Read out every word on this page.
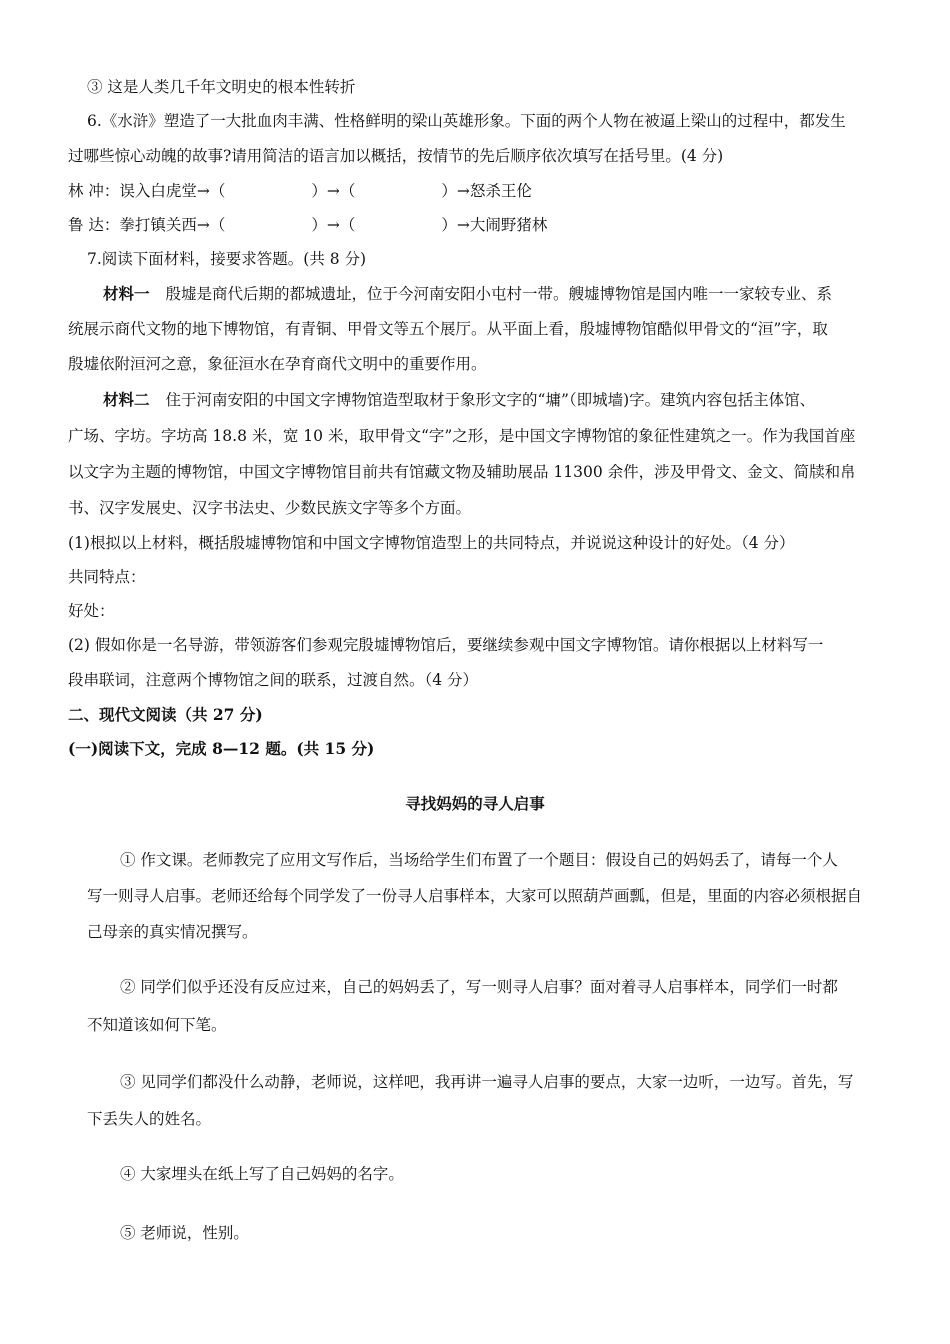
③ 这是人类几千年文明史的根本性转折
6.《水浒》塑造了一大批血肉丰满、性格鲜明的梁山英雄形象。下面的两个人物在被逼上梁山的过程中，都发生
过哪些惊心动魄的故事?请用简洁的语言加以概括，按情节的先后顺序依次填写在括号里。(4 分)
林 冲：误入白虎堂→（	）→（	）→怒杀王伦
鲁 达：拳打镇关西→（	）→（	）→大闹野猪林
7.阅读下面材料，接要求答题。(共 8 分)
材料一 殷墟是商代后期的都城遗址，位于今河南安阳小屯村一带。艘墟博物馆是国内唯一一家较专业、系
统展示商代文物的地下博物馆，有青铜、甲骨文等五个展厅。从平面上看，殷墟博物馆酷似甲骨文的“洹”字，取
殷墟依附洹河之意，象征洹水在孕育商代文明中的重要作用。
材料二 住于河南安阳的中国文字博物馆造型取材于象形文字的“墉”（即城墙)字。建筑内容包括主体馆、
广场、字坊。字坊高 18.8 米，宽 10 米，取甲骨文“字”之形，是中国文字博物馆的象征性建筑之一。作为我国首座
以文字为主题的博物馆，中国文字博物馆目前共有馆藏文物及辅助展品 11300 余件，涉及甲骨文、金文、简牍和帛
书、汉字发展史、汉字书法史、少数民族文字等多个方面。
(1)根拟以上材料，概括殷墟博物馆和中国文字博物馆造型上的共同特点，并说说这种设计的好处。（4 分）
共同特点：
好处：
(2) 假如你是一名导游，带领游客们参观完殷墟博物馆后，要继续参观中国文字博物馆。请你根据以上材料写一
段串联词，注意两个博物馆之间的联系，过渡自然。（4 分）
二、现代文阅读（共 27 分)
(一)阅读下文，完成 8—12 题。(共 15 分)
寻找妈妈的寻人启事
① 作文课。老师教完了应用文写作后，当场给学生们布置了一个题目：假设自己的妈妈丢了，请每一个人
写一则寻人启事。老师还给每个同学发了一份寻人启事样本，大家可以照葫芦画瓢，但是，里面的内容必须根据自
己母亲的真实情况撰写。
② 同学们似乎还没有反应过来，自己的妈妈丢了，写一则寻人启事？面对着寻人启事样本，同学们一时都
不知道该如何下笔。
③ 见同学们都没什么动静，老师说，这样吧，我再讲一遍寻人启事的要点，大家一边听，一边写。首先，写
下丢失人的姓名。
④ 大家埋头在纸上写了自己妈妈的名字。
⑤ 老师说，性别。
